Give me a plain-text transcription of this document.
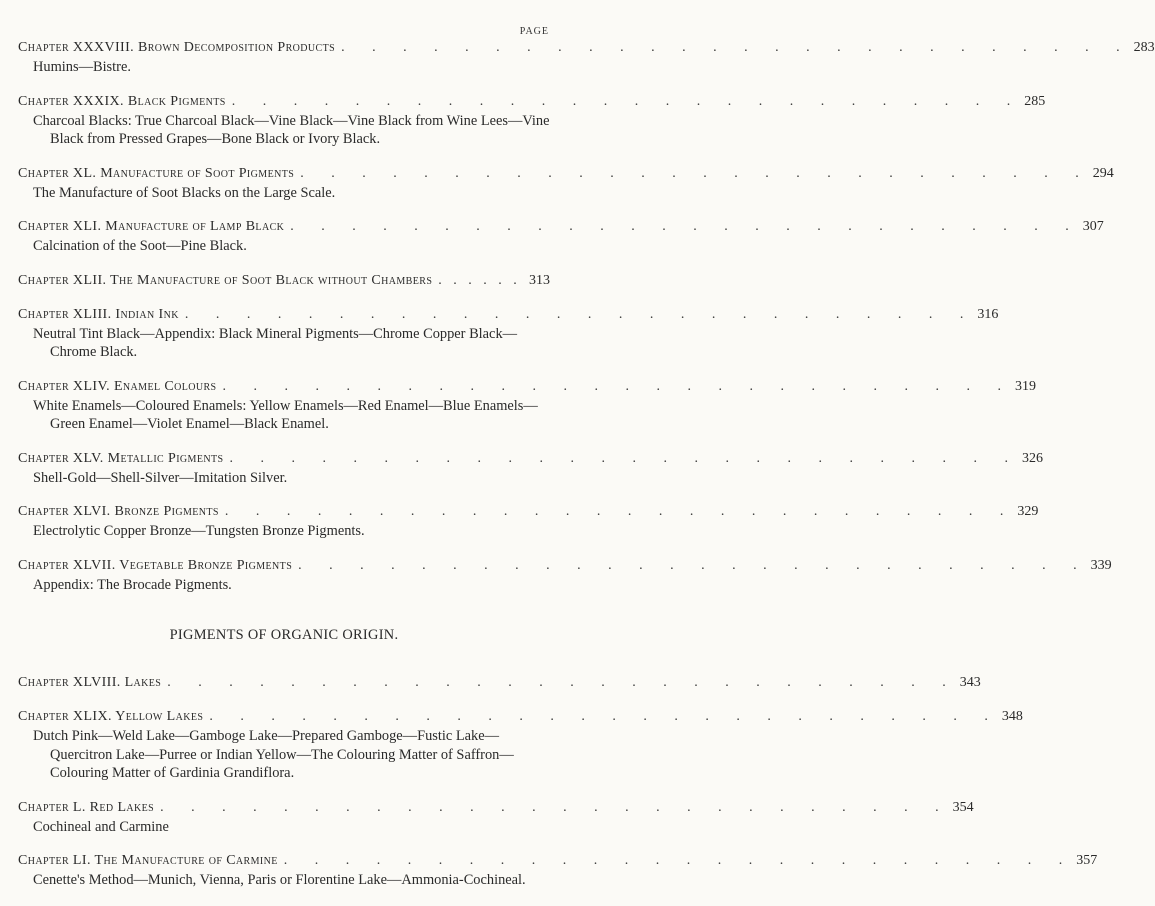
PAGE
Chapter XXXVIII. Brown Decomposition Products . . . . . . . . . . . . . . . . . . . . . . . . . . 283
Humins—Bistre.
Chapter XXXIX. Black Pigments . . . . . . . . . . . . . . . . . . . . . . . . . . 285
Charcoal Blacks: True Charcoal Black—Vine Black—Vine Black from Wine Lees—Vine Black from Pressed Grapes—Bone Black or Ivory Black.
Chapter XL. Manufacture of Soot Pigments . . . . . . . . . . . . . . . . . . . . . . . . . . 294
The Manufacture of Soot Blacks on the Large Scale.
Chapter XLI. Manufacture of Lamp Black . . . . . . . . . . . . . . . . . . . . . . . . . . 307
Calcination of the Soot—Pine Black.
Chapter XLII. The Manufacture of Soot Black without Chambers . . . . . . 313
Chapter XLIII. Indian Ink . . . . . . . . . . . . . . . . . . . . . . . . . . 316
Neutral Tint Black—Appendix: Black Mineral Pigments—Chrome Copper Black—Chrome Black.
Chapter XLIV. Enamel Colours . . . . . . . . . . . . . . . . . . . . . . . . . . 319
White Enamels—Coloured Enamels: Yellow Enamels—Red Enamel—Blue Enamels—Green Enamel—Violet Enamel—Black Enamel.
Chapter XLV. Metallic Pigments . . . . . . . . . . . . . . . . . . . . . . . . . . 326
Shell-Gold—Shell-Silver—Imitation Silver.
Chapter XLVI. Bronze Pigments . . . . . . . . . . . . . . . . . . . . . . . . . . 329
Electrolytic Copper Bronze—Tungsten Bronze Pigments.
Chapter XLVII. Vegetable Bronze Pigments . . . . . . . . . . . . . . . . . . . . . . . . . . 339
Appendix: The Brocade Pigments.
PIGMENTS OF ORGANIC ORIGIN.
Chapter XLVIII. Lakes . . . . . . . . . . . . . . . . . . . . . . . . . . 343
Chapter XLIX. Yellow Lakes . . . . . . . . . . . . . . . . . . . . . . . . . . 348
Dutch Pink—Weld Lake—Gamboge Lake—Prepared Gamboge—Fustic Lake—Quercitron Lake—Purree or Indian Yellow—The Colouring Matter of Saffron—Colouring Matter of Gardinia Grandiflora.
Chapter L. Red Lakes . . . . . . . . . . . . . . . . . . . . . . . . . . 354
Cochineal and Carmine
Chapter LI. The Manufacture of Carmine . . . . . . . . . . . . . . . . . . . . . . . . . . 357
Cenette's Method—Munich, Vienna, Paris or Florentine Lake—Ammonia-Cochineal.
